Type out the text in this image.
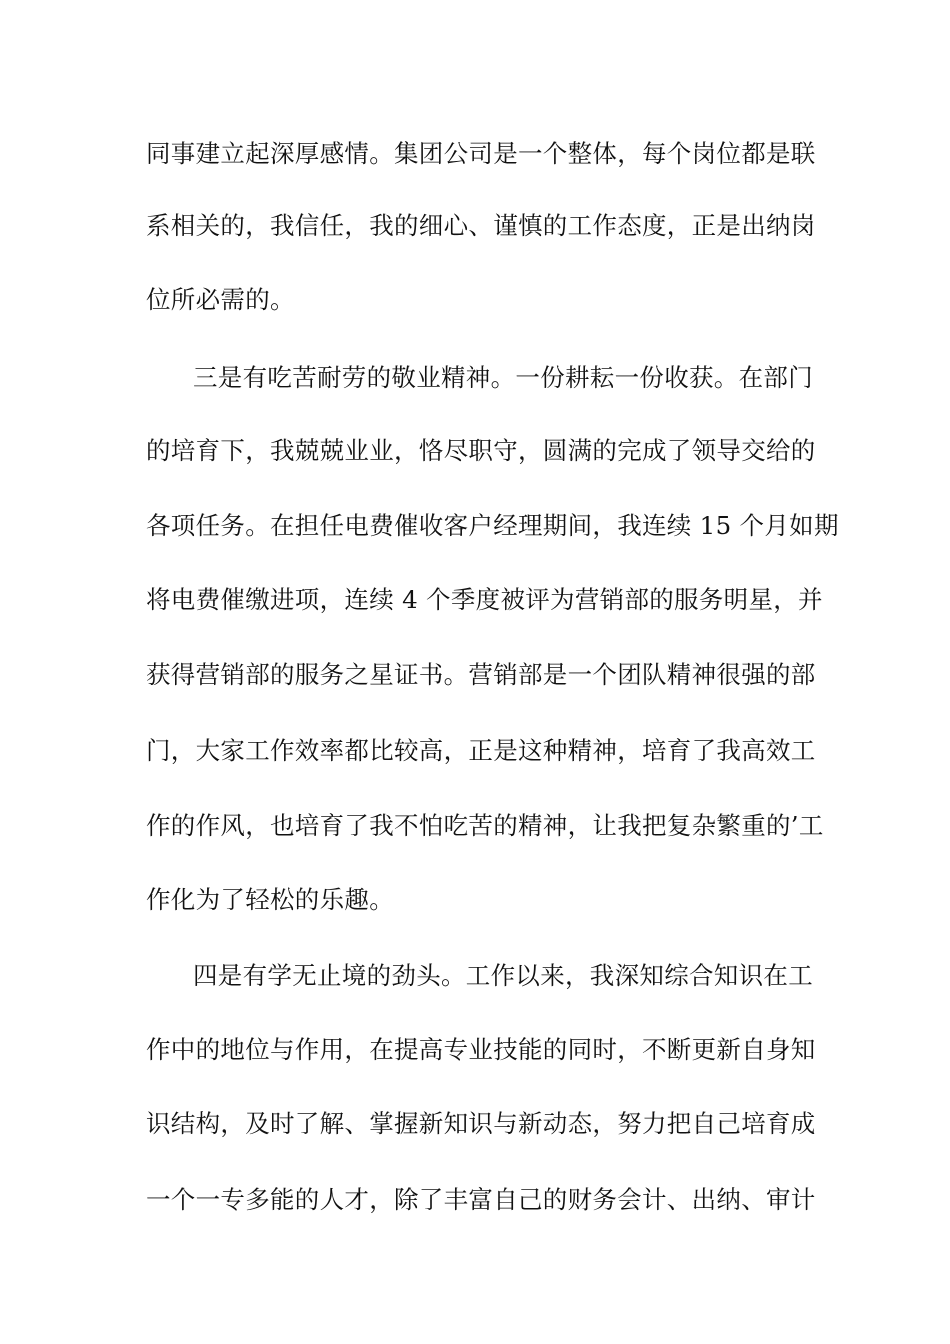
同事建立起深厚感情。集团公司是一个整体，每个岗位都是联
系相关的，我信任，我的细心、谨慎的工作态度，正是出纳岗
位所必需的。
三是有吃苦耐劳的敬业精神。一份耕耘一份收获。在部门
的培育下，我兢兢业业，恪尽职守，圆满的完成了领导交给的
各项任务。在担任电费催收客户经理期间，我连续 15 个月如期
将电费催缴进项，连续 4 个季度被评为营销部的服务明星，并
获得营销部的服务之星证书。营销部是一个团队精神很强的部
门，大家工作效率都比较高，正是这种精神，培育了我高效工
作的作风，也培育了我不怕吃苦的精神，让我把复杂繁重的’工
作化为了轻松的乐趣。
四是有学无止境的劲头。工作以来，我深知综合知识在工
作中的地位与作用，在提高专业技能的同时，不断更新自身知
识结构，及时了解、掌握新知识与新动态，努力把自己培育成
一个一专多能的人才，除了丰富自己的财务会计、出纳、审计
